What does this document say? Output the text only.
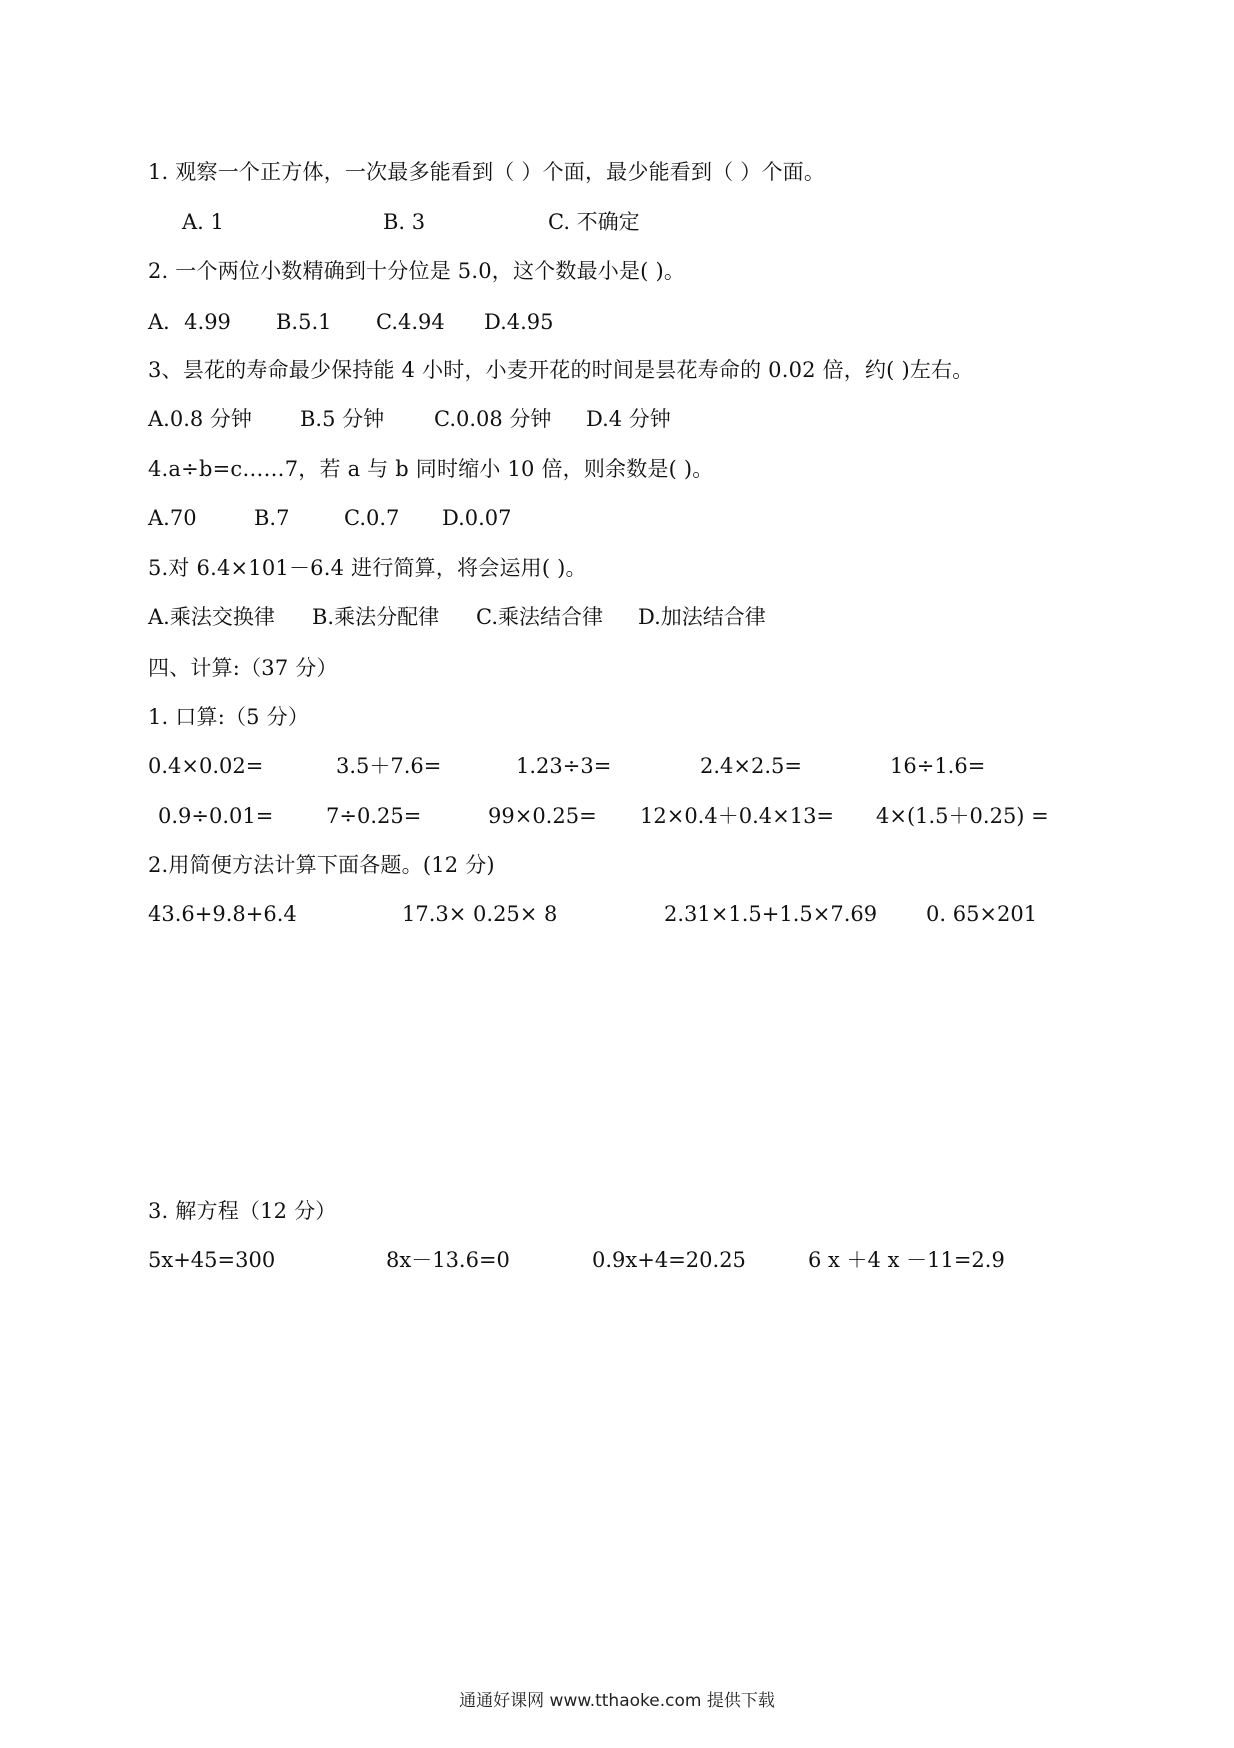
1. 观察一个正方体，一次最多能看到（ ）个面，最少能看到（ ）个面。
A. 1	B. 3	C. 不确定
2. 一个两位小数精确到十分位是 5.0，这个数最小是( )。
A．4.99 B.5.1 C.4.94 D.4.95
3、昙花的寿命最少保持能 4 小时，小麦开花的时间是昙花寿命的 0.02 倍，约( )左右。
A.0.8 分钟 B.5 分钟 C.0.08 分钟 D.4 分钟
4.a÷b=c……7，若 a 与 b 同时缩小 10 倍，则余数是( )。
A.70	B.7	C.0.7 D.0.07
5.对 6.4×101－6.4 进行简算，将会运用( )。
A.乘法交换律 B.乘法分配律 C.乘法结合律 D.加法结合律
四、计算:（37 分）
1. 口算:（5 分）
0.4×0.02=	3.5＋7.6=	1.23÷3=	2.4×2.5=	16÷1.6=
0.9÷0.01=	7÷0.25=	99×0.25= 12×0.4＋0.4×13= 4×(1.5＋0.25) =
2.用简便方法计算下面各题。(12 分)
43.6+9.8+6.4	17.3× 0.25× 8	2.31×1.5+1.5×7.69 0. 65×201
3. 解方程（12 分）
5x+45=300	8x－13.6=0	0.9x+4=20.25	6 x ＋4 x －11=2.9
通通好课网 www.tthaoke.com 提供下载
